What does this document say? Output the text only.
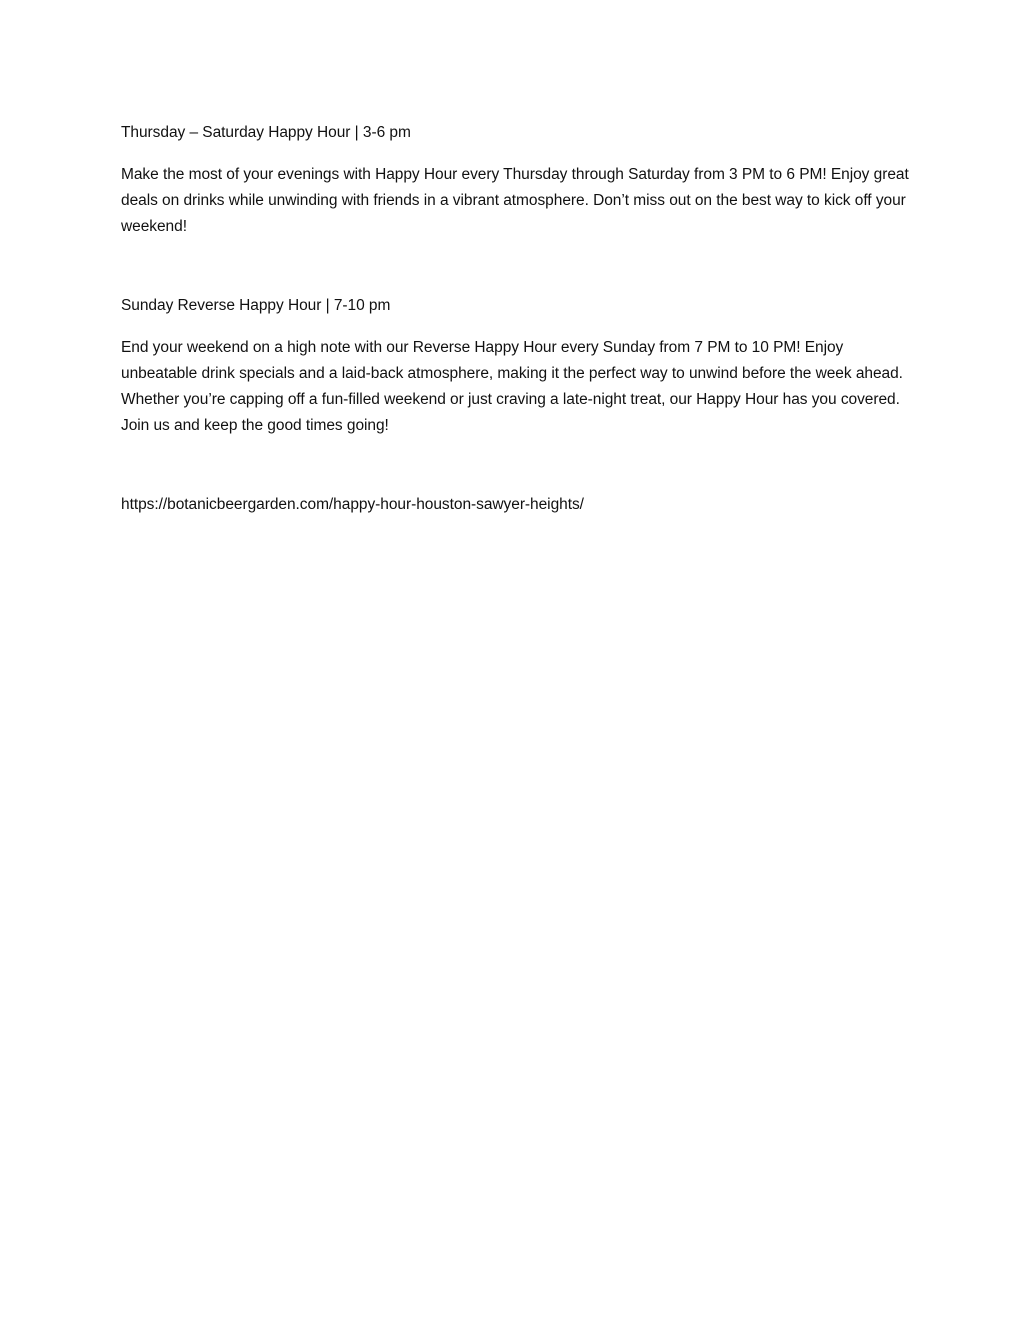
Thursday – Saturday Happy Hour | 3-6 pm

Make the most of your evenings with Happy Hour every Thursday through Saturday from 3 PM to 6 PM! Enjoy great deals on drinks while unwinding with friends in a vibrant atmosphere. Don’t miss out on the best way to kick off your weekend!

Sunday Reverse Happy Hour | 7-10 pm

End your weekend on a high note with our Reverse Happy Hour every Sunday from 7 PM to 10 PM! Enjoy unbeatable drink specials and a laid-back atmosphere, making it the perfect way to unwind before the week ahead. Whether you’re capping off a fun-filled weekend or just craving a late-night treat, our Happy Hour has you covered. Join us and keep the good times going!

https://botanicbeergarden.com/happy-hour-houston-sawyer-heights/
